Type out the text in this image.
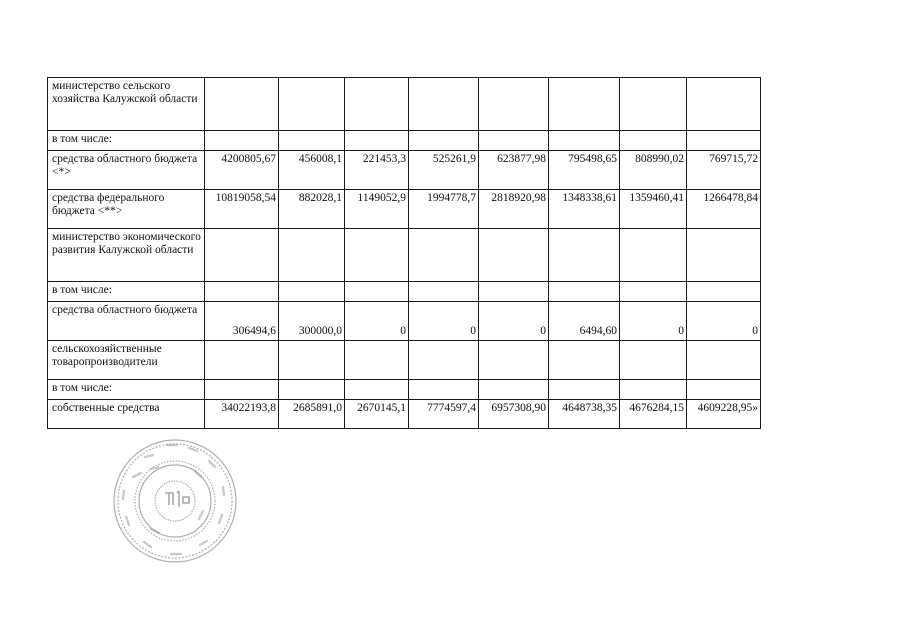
министерство сельского хозяйства Калужской области								
в том числе:								
средства областного бюджета <*>	4200805,67	456008,1	221453,3	525261,9	623877,98	795498,65	808990,02	769715,72
средства федерального бюджета <**>	10819058,54	882028,1	1149052,9	1994778,7	2818920,98	1348338,61	1359460,41	1266478,84
министерство экономического развития Калужской области								
в том числе:								
средства областного бюджета	306494,6	300000,0	0	0	0	6494,60	0	0
сельскохозяйственные товаропроизводители								
в том числе:								
собственные средства	34022193,8	2685891,0	2670145,1	7774597,4	6957308,90	4648738,35	4676284,15	4609228,95»
